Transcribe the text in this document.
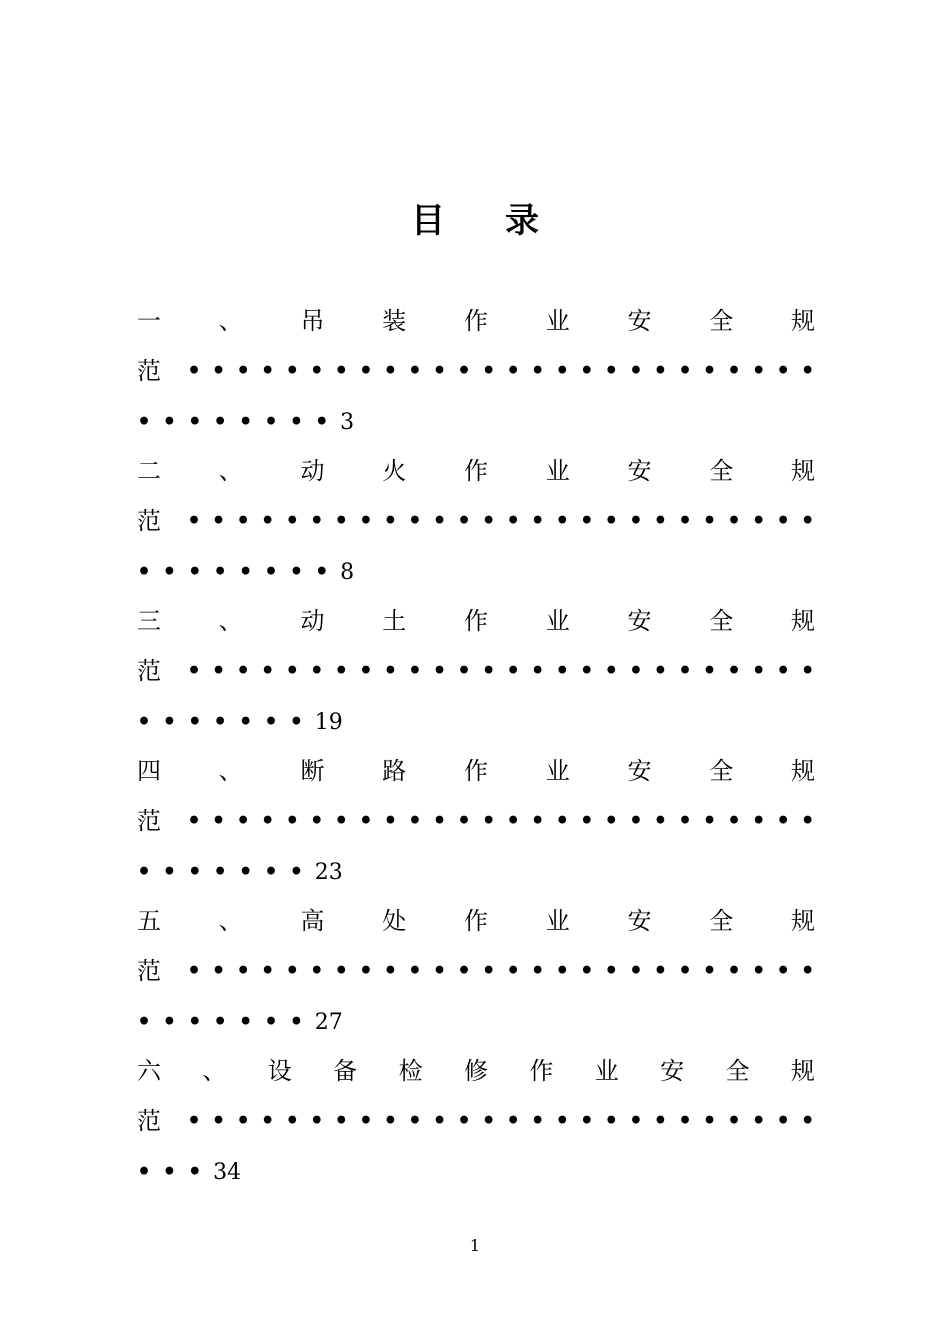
目录
一 、 吊 装 作 业 安 全 规
范 • • • • • • • • • • • • • • • • • • • • • • • • • •
• • • • • • • • 3
二 、 动 火 作 业 安 全 规
范 • • • • • • • • • • • • • • • • • • • • • • • • • •
• • • • • • • • 8
三 、 动 土 作 业 安 全 规
范 • • • • • • • • • • • • • • • • • • • • • • • • • •
• • • • • • • 19
四 、 断 路 作 业 安 全 规
范 • • • • • • • • • • • • • • • • • • • • • • • • • •
• • • • • • • 23
五 、 高 处 作 业 安 全 规
范 • • • • • • • • • • • • • • • • • • • • • • • • • •
• • • • • • • 27
六 、 设 备 检 修 作 业 安 全 规
范 • • • • • • • • • • • • • • • • • • • • • • • • • •
• • • 34
1
